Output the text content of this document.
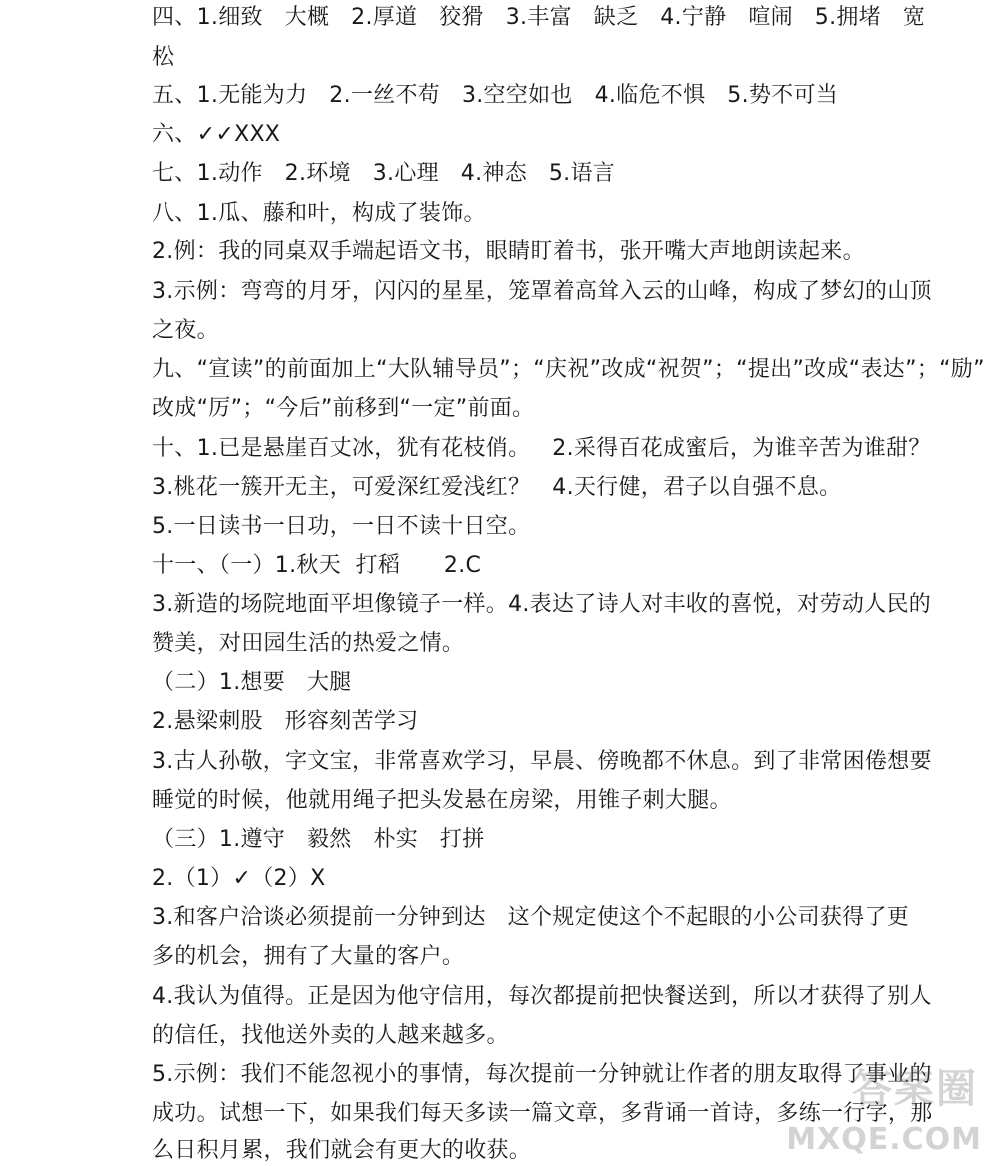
四、1.细致   大概   2.厚道   狡猾   3.丰富   缺乏   4.宁静   喧闹   5.拥堵   宽
松
五、1.无能为力   2.一丝不苟   3.空空如也   4.临危不惧   5.势不可当
六、✓✓XXX
七、1.动作   2.环境   3.心理   4.神态   5.语言
八、1.瓜、藤和叶，构成了装饰。
2.例：我的同桌双手端起语文书，眼睛盯着书，张开嘴大声地朗读起来。
3.示例：弯弯的月牙，闪闪的星星，笼罩着高耸入云的山峰，构成了梦幻的山顶
之夜。
九、“宣读”的前面加上“大队辅导员”；“庆祝”改成“祝贺”；“提出”改成“表达”；“励”
改成“厉”；“今后”前移到“一定”前面。
十、1.已是悬崖百丈冰，犹有花枝俏。   2.采得百花成蜜后，为谁辛苦为谁甜？
3.桃花一簇开无主，可爱深红爱浅红？   4.天行健，君子以自强不息。
5.一日读书一日功，一日不读十日空。
十一、（一）1.秋天  打稻      2.C
3.新造的场院地面平坦像镜子一样。4.表达了诗人对丰收的喜悦，对劳动人民的
赞美，对田园生活的热爱之情。
（二）1.想要   大腿
2.悬梁刺股   形容刻苦学习
3.古人孙敬，字文宝，非常喜欢学习，早晨、傍晚都不休息。到了非常困倦想要
睡觉的时候，他就用绳子把头发悬在房梁，用锥子刺大腿。
（三）1.遵守   毅然   朴实   打拼
2.（1）✓（2）X
3.和客户洽谈必须提前一分钟到达   这个规定使这个不起眼的小公司获得了更
多的机会，拥有了大量的客户。
4.我认为值得。正是因为他守信用，每次都提前把快餐送到，所以才获得了别人
的信任，找他送外卖的人越来越多。
5.示例：我们不能忽视小的事情，每次提前一分钟就让作者的朋友取得了事业的
成功。试想一下，如果我们每天多读一篇文章，多背诵一首诗，多练一行字，那
么日积月累，我们就会有更大的收获。
答案圈
MXQE.COM
